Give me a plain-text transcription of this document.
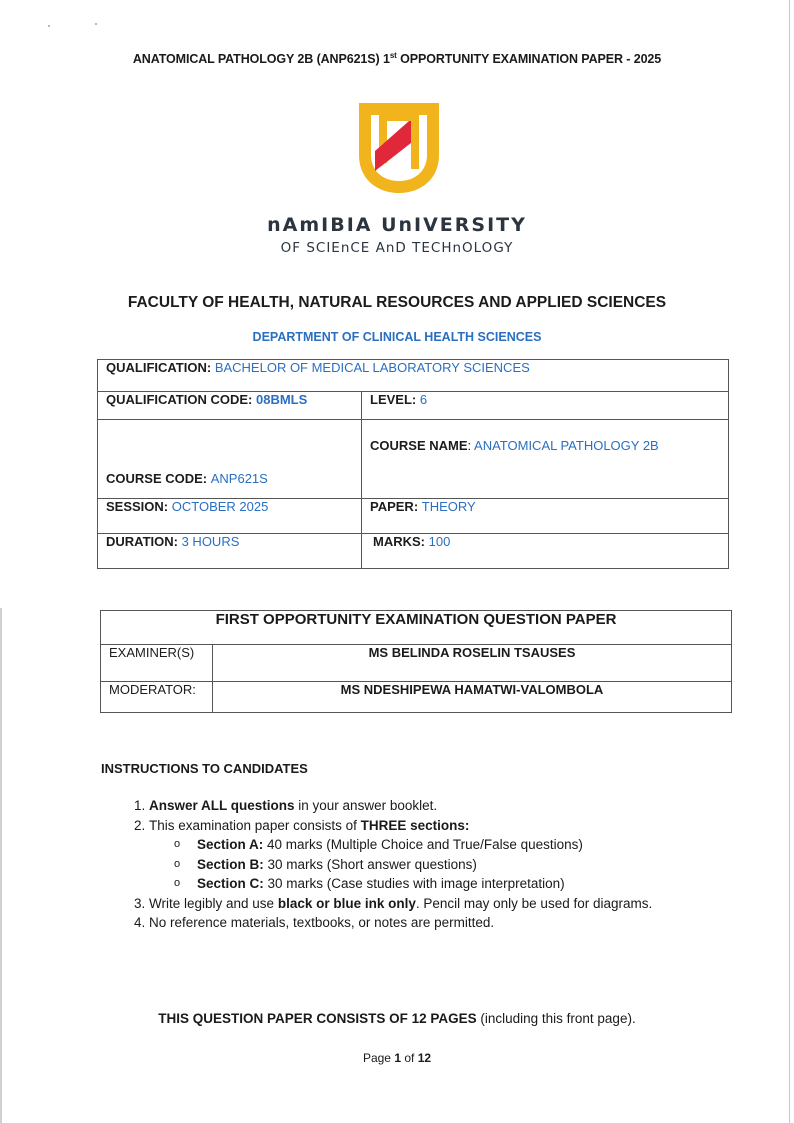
ANATOMICAL PATHOLOGY 2B (ANP621S) 1st OPPORTUNITY EXAMINATION PAPER - 2025
nAmIBIA UnIVERSITY
OF SCIEnCE AnD TECHnOLOGY
FACULTY OF HEALTH, NATURAL RESOURCES AND APPLIED SCIENCES
DEPARTMENT OF CLINICAL HEALTH SCIENCES
QUALIFICATION: BACHELOR OF MEDICAL LABORATORY SCIENCES	
QUALIFICATION CODE: 08BMLS	LEVEL: 6
COURSE CODE: ANP621S	COURSE NAME: ANATOMICAL PATHOLOGY 2B
SESSION: OCTOBER 2025	PAPER: THEORY
DURATION: 3 HOURS	MARKS: 100
FIRST OPPORTUNITY EXAMINATION QUESTION PAPER	
EXAMINER(S)	MS BELINDA ROSELIN TSAUSES
MODERATOR:	MS NDESHIPEWA HAMATWI-VALOMBOLA
INSTRUCTIONS TO CANDIDATES
1. Answer ALL questions in your answer booklet.
2. This examination paper consists of THREE sections:
o Section A: 40 marks (Multiple Choice and True/False questions)
o Section B: 30 marks (Short answer questions)
o Section C: 30 marks (Case studies with image interpretation)
3. Write legibly and use black or blue ink only. Pencil may only be used for diagrams.
4. No reference materials, textbooks, or notes are permitted.
THIS QUESTION PAPER CONSISTS OF 12 PAGES (including this front page).
Page 1 of 12
